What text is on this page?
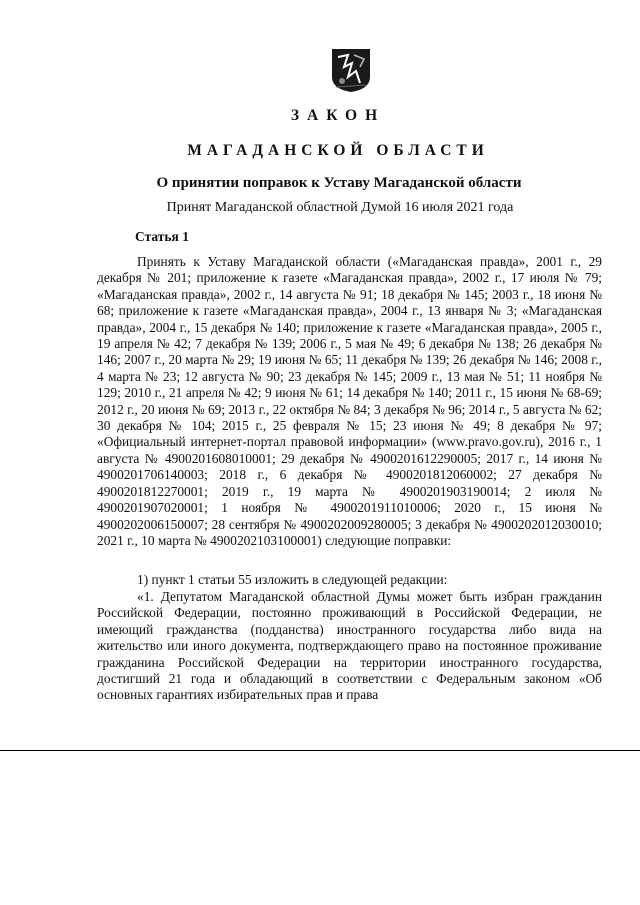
ЗАКОН
МАГАДАНСКОЙ ОБЛАСТИ
О принятии поправок к Уставу Магаданской области
Принят Магаданской областной Думой 16 июля 2021 года
Статья 1
Принять к Уставу Магаданской области («Магаданская правда», 2001 г., 29 декабря № 201; приложение к газете «Магаданская правда», 2002 г., 17 июля № 79; «Магаданская правда», 2002 г., 14 августа № 91; 18 декабря № 145; 2003 г., 18 июня № 68; приложение к газете «Магаданская правда», 2004 г., 13 января № 3; «Магаданская правда», 2004 г., 15 декабря № 140; приложение к газете «Магаданская правда», 2005 г., 19 апреля № 42; 7 декабря № 139; 2006 г., 5 мая № 49; 6 декабря № 138; 26 декабря № 146; 2007 г., 20 марта № 29; 19 июня № 65; 11 декабря № 139; 26 декабря № 146; 2008 г., 4 марта № 23; 12 августа № 90; 23 декабря № 145; 2009 г., 13 мая № 51; 11 ноября № 129; 2010 г., 21 апреля № 42; 9 июня № 61; 14 декабря № 140; 2011 г., 15 июня № 68-69; 2012 г., 20 июня № 69; 2013 г., 22 октября № 84; 3 декабря № 96; 2014 г., 5 августа № 62; 30 декабря № 104; 2015 г., 25 февраля № 15; 23 июня № 49; 8 декабря № 97; «Официальный интернет-портал правовой информации» (www.pravo.gov.ru), 2016 г., 1 августа № 4900201608010001; 29 декабря № 4900201612290005; 2017 г., 14 июня № 4900201706140003; 2018 г., 6 декабря № 4900201812060002; 27 декабря № 4900201812270001; 2019 г., 19 марта № 4900201903190014; 2 июля № 4900201907020001; 1 ноября № 4900201911010006; 2020 г., 15 июня № 4900202006150007; 28 сентября № 4900202009280005; 3 декабря № 4900202012030010; 2021 г., 10 марта № 4900202103100001) следующие поправки:
1) пункт 1 статьи 55 изложить в следующей редакции:
«1. Депутатом Магаданской областной Думы может быть избран гражданин Российской Федерации, постоянно проживающий в Российской Федерации, не имеющий гражданства (подданства) иностранного государства либо вида на жительство или иного документа, подтверждающего право на постоянное проживание гражданина Российской Федерации на территории иностранного государства, достигший 21 года и обладающий в соответствии с Федеральным законом «Об основных гарантиях избирательных прав и права
